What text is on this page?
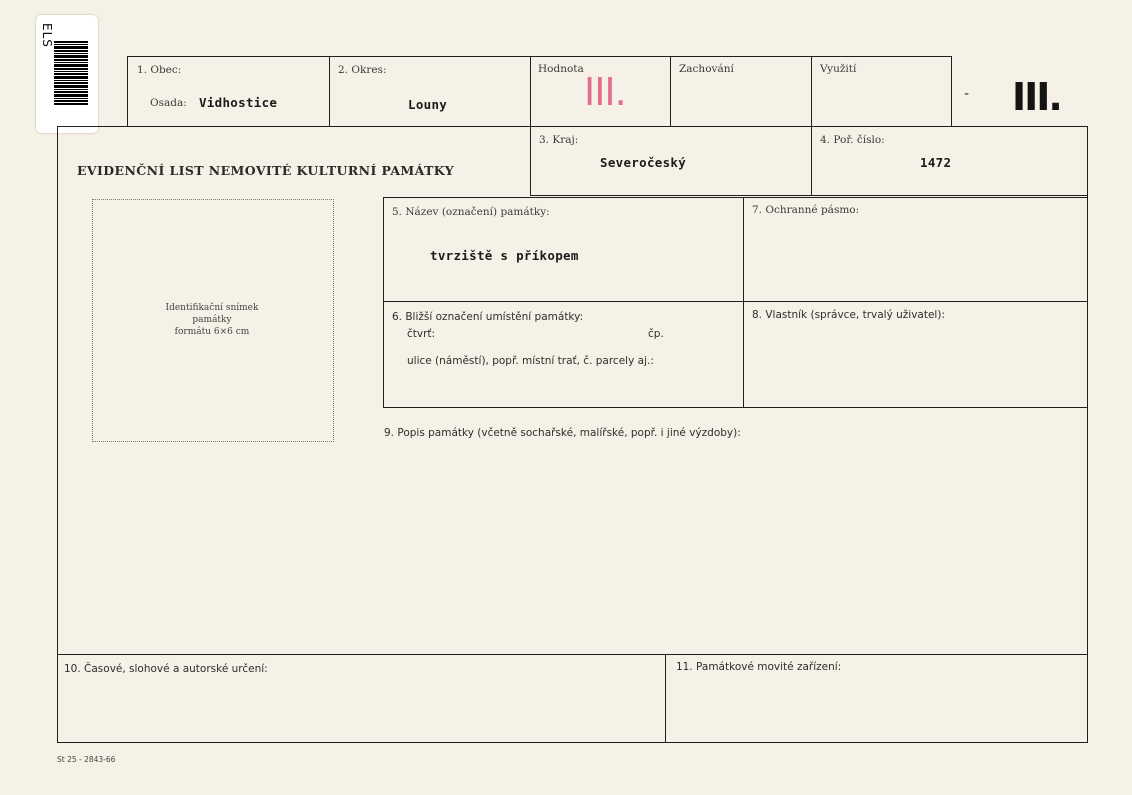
ELS
1. Obec:
Osada: Vidhostice
2. Okres:
Louny
Hodnota
III.
Zachování	Využití
- III.
EVIDENČNÍ LIST NEMOVITÉ KULTURNÍ PAMÁTKY
3. Kraj:
Severočeský
4. Poř. číslo:
1472
Identifikační snímek
památky
formátu 6×6 cm
5. Název (označení) památky:
tvrziště s příkopem
7. Ochranné pásmo:
6. Bližší označení umístění památky:
čtvrť:	čp.
ulice (náměstí), popř. místní trať, č. parcely aj.:
8. Vlastník (správce, trvalý uživatel):
9. Popis památky (včetně sochařské, malířské, popř. i jiné výzdoby):
10. Časové, slohové a autorské určení:	11. Památkové movité zařízení:
St 25 - 2843-66
